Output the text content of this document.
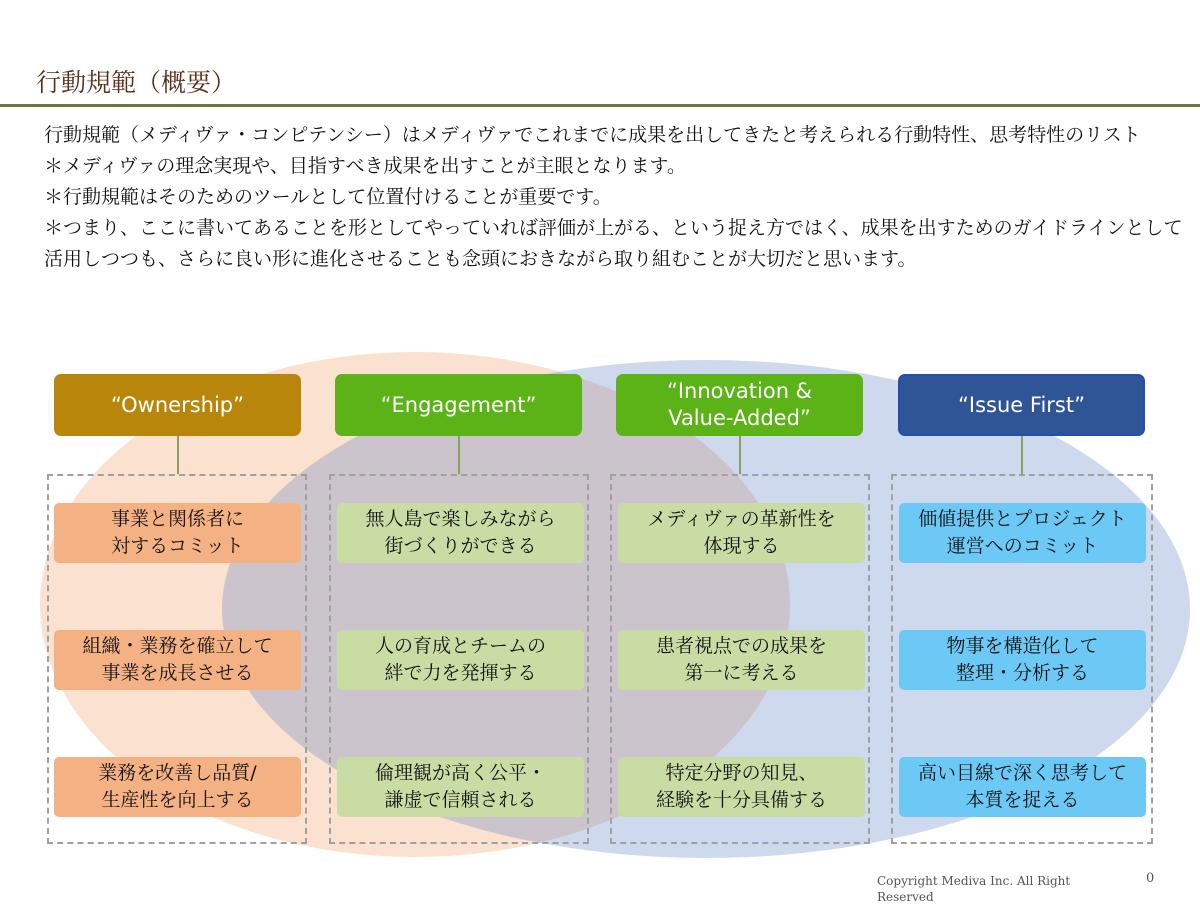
行動規範（概要）

行動規範（メディヴァ・コンピテンシー）はメディヴァでこれまでに成果を出してきたと考えられる行動特性、思考特性のリスト

＊メディヴァの理念実現や、目指すべき成果を出すことが主眼となります。

＊行動規範はそのためのツールとして位置付けることが重要です。

＊つまり、ここに書いてあることを形としてやっていれば評価が上がる、という捉え方ではく、成果を出すためのガイドラインとして

活用しつつも、さらに良い形に進化させることも念頭におきながら取り組むことが大切だと思います。

“Ownership”
事業と関係者に
対するコミット
組織・業務を確立して
事業を成長させる
業務を改善し品質/
生産性を向上する
“Engagement”
無人島で楽しみながら
街づくりができる
人の育成とチームの
絆で力を発揮する
倫理観が高く公平・
謙虚で信頼される
“Innovation &
Value-Added”
メディヴァの革新性を
体現する
患者視点での成果を
第一に考える
特定分野の知見、
経験を十分具備する
“Issue First”
価値提供とプロジェクト
運営へのコミット
物事を構造化して
整理・分析する
高い目線で深く思考して
本質を捉える
Copyright Mediva Inc. All Right Reserved
0
